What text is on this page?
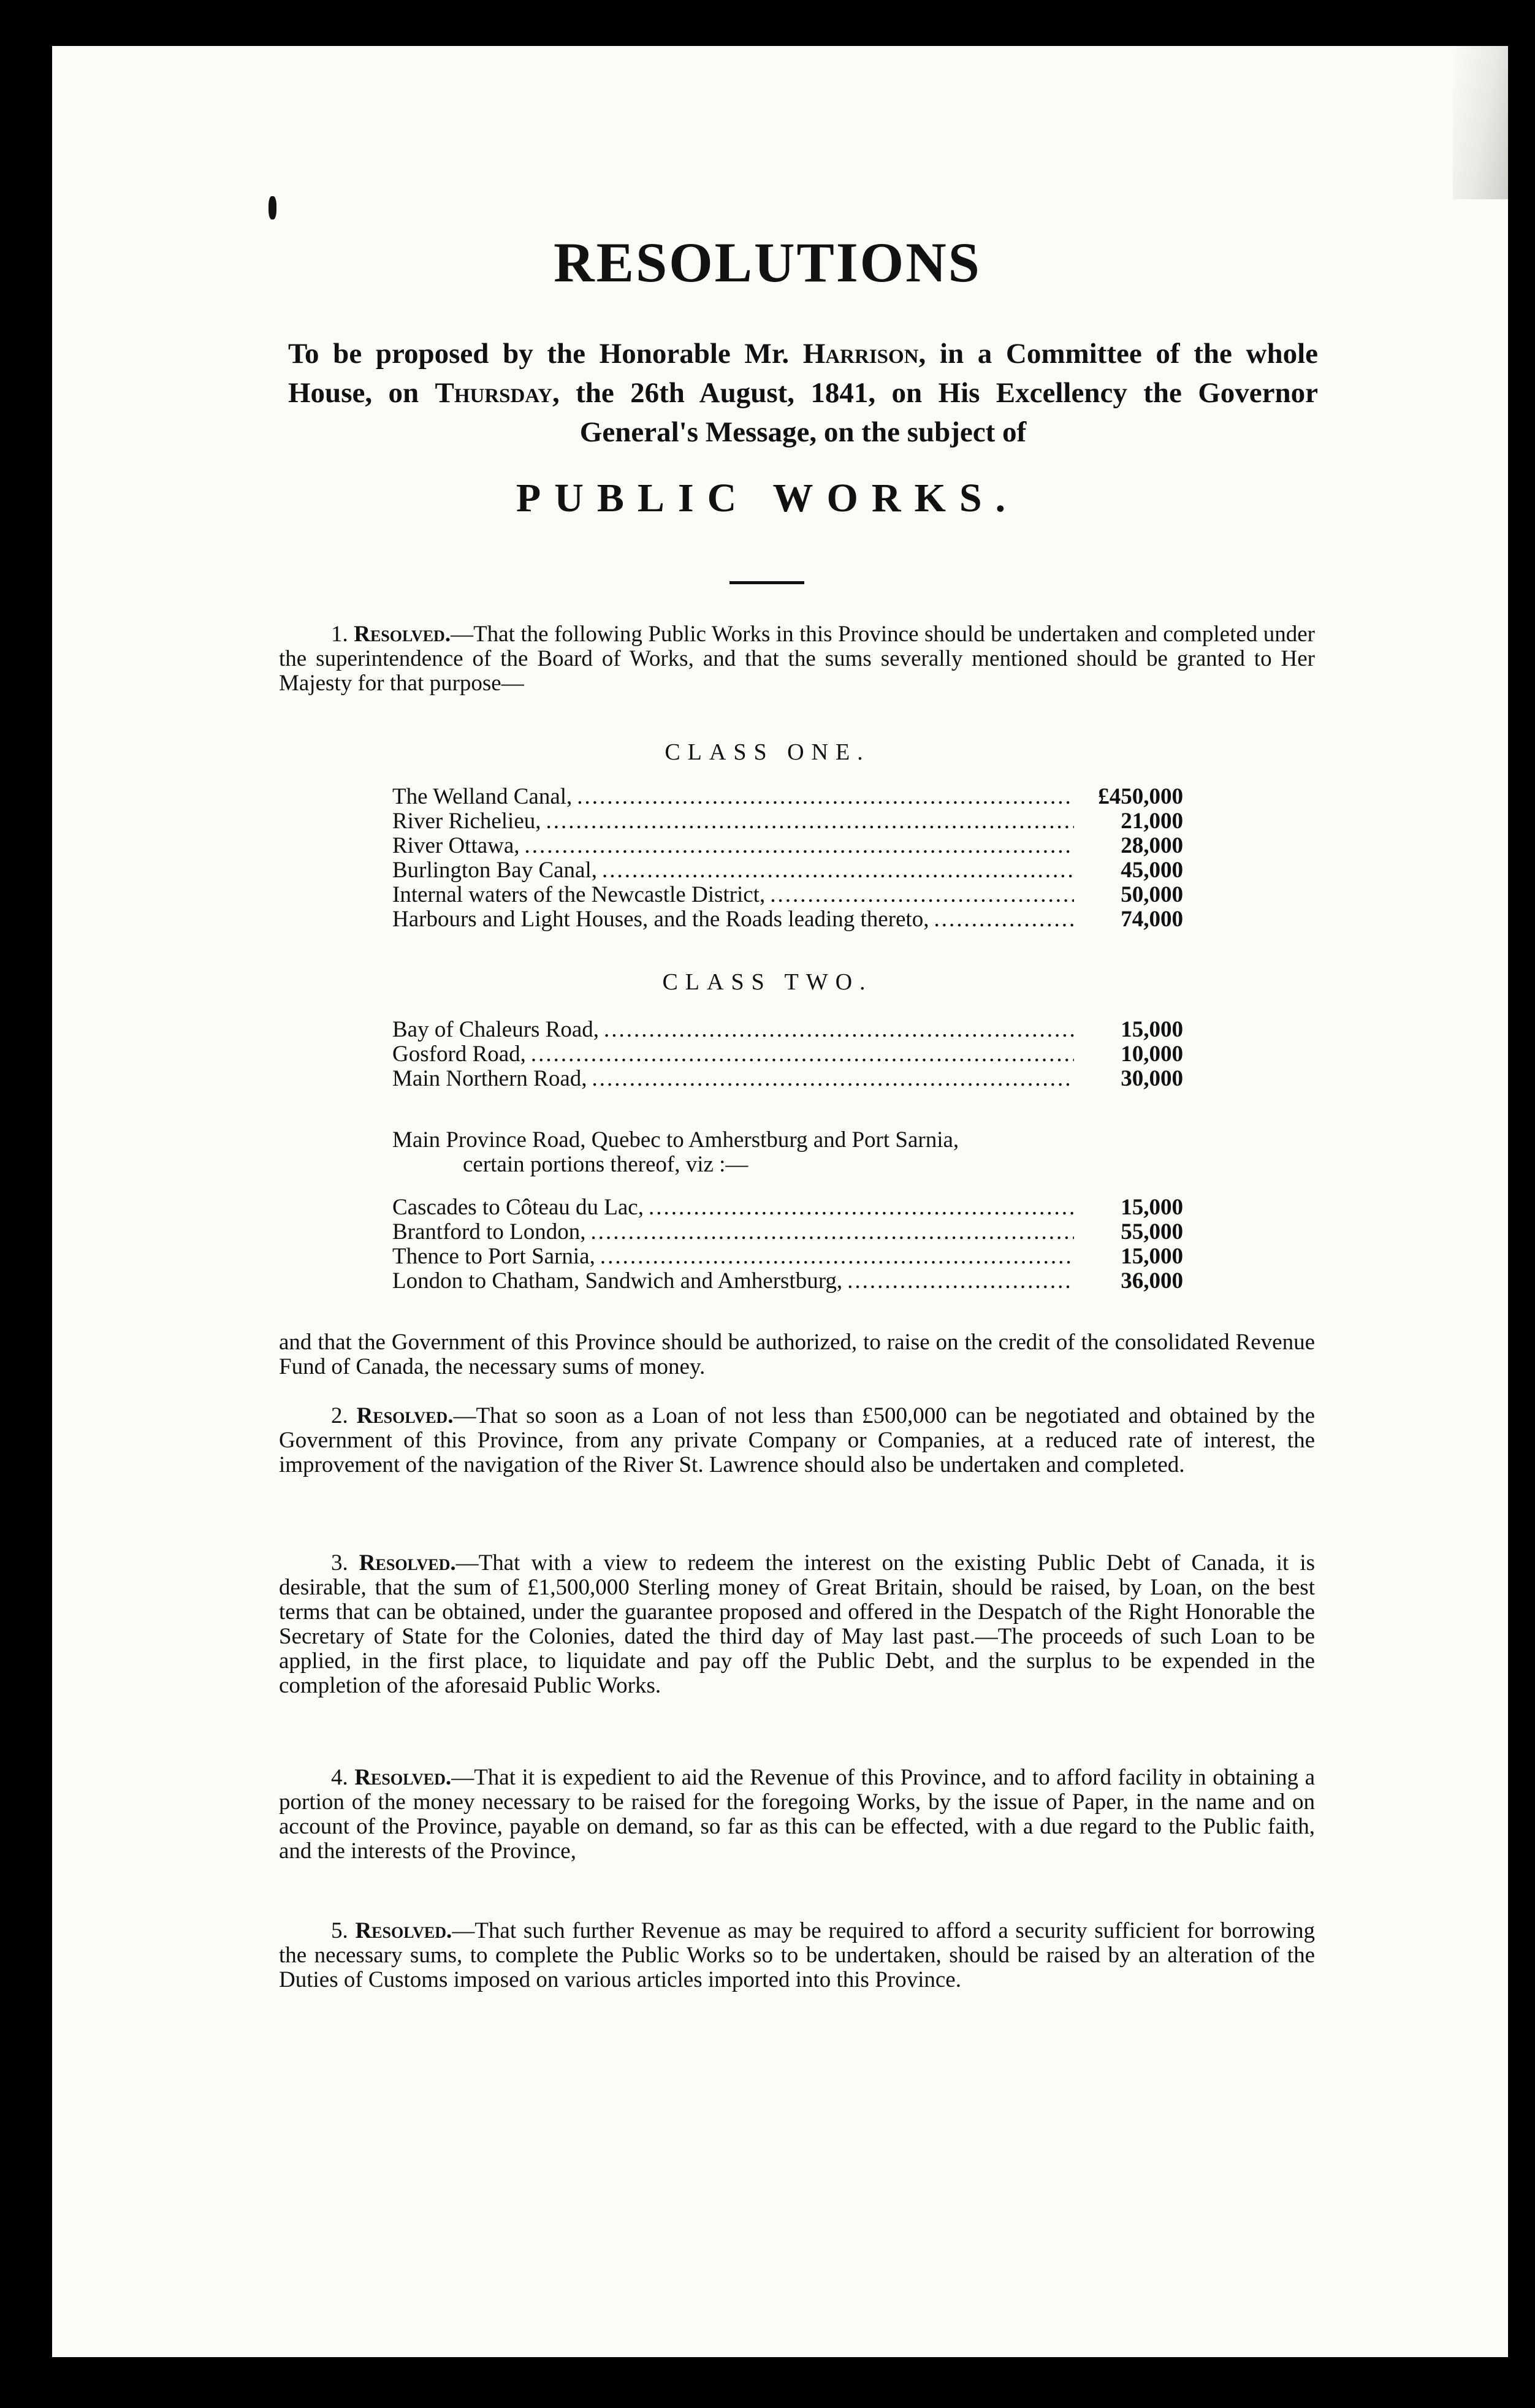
RESOLUTIONS

To be proposed by the Honorable Mr. Harrison, in a Committee of the whole House, on Thursday, the 26th August, 1841, on His Excellency the Governor General's Message, on the subject of

PUBLIC WORKS.

1. Resolved.—That the following Public Works in this Province should be undertaken and completed under the superintendence of the Board of Works, and that the sums severally mentioned should be granted to Her Majesty for that purpose—

CLASS ONE.
The Welland Canal, .....	£450,000
River Richelieu, .....	21,000
River Ottawa, .....	28,000
Burlington Bay Canal, .....	45,000
Internal waters of the Newcastle District, .....	50,000
Harbours and Light Houses, and the Roads leading thereto, .....	74,000
CLASS TWO.
Bay of Chaleurs Road, .....	15,000
Gosford Road, .....	10,000
Main Northern Road, .....	30,000
Main Province Road, Quebec to Amherstburg and Port Sarnia,
certain portions thereof, viz :—
Cascades to Côteau du Lac, .....	15,000
Brantford to London, .....	55,000
Thence to Port Sarnia, .....	15,000
London to Chatham, Sandwich and Amherstburg, .....	36,000

and that the Government of this Province should be authorized, to raise on the credit of the consolidated Revenue Fund of Canada, the necessary sums of money.

2. Resolved.—That so soon as a Loan of not less than £500,000 can be negotiated and obtained by the Government of this Province, from any private Company or Companies, at a reduced rate of interest, the improvement of the navigation of the River St. Lawrence should also be undertaken and completed.

3. Resolved.—That with a view to redeem the interest on the existing Public Debt of Canada, it is desirable, that the sum of £1,500,000 Sterling money of Great Britain, should be raised, by Loan, on the best terms that can be obtained, under the guarantee proposed and offered in the Despatch of the Right Honorable the Secretary of State for the Colonies, dated the third day of May last past.—The proceeds of such Loan to be applied, in the first place, to liquidate and pay off the Public Debt, and the surplus to be expended in the completion of the aforesaid Public Works.

4. Resolved.—That it is expedient to aid the Revenue of this Province, and to afford facility in obtaining a portion of the money necessary to be raised for the foregoing Works, by the issue of Paper, in the name and on account of the Province, payable on demand, so far as this can be effected, with a due regard to the Public faith, and the interests of the Province,

5. Resolved.—That such further Revenue as may be required to afford a security sufficient for borrowing the necessary sums, to complete the Public Works so to be undertaken, should be raised by an alteration of the Duties of Customs imposed on various articles imported into this Province.
